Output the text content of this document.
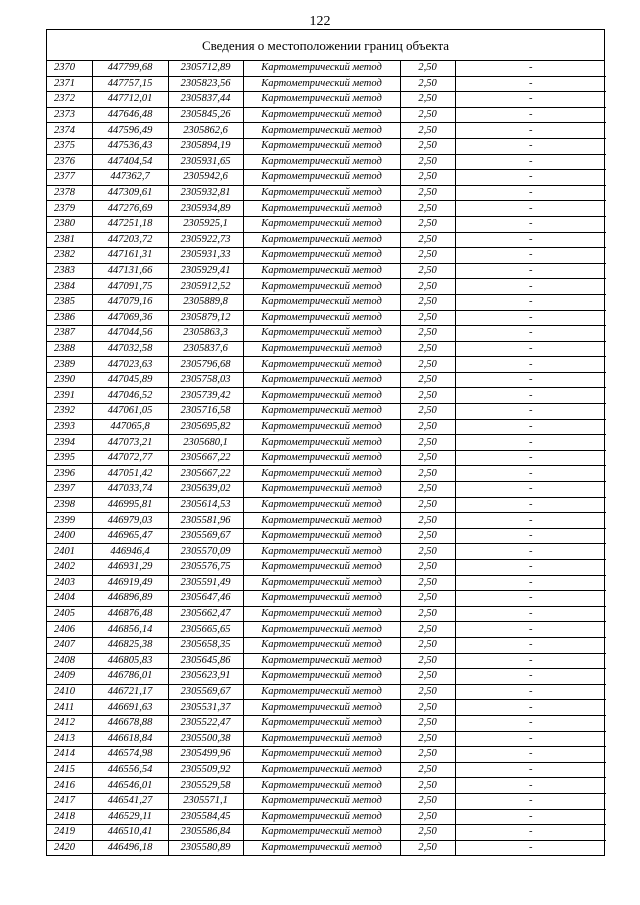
122
Сведения о местоположении границ объекта
2370	447799,68	2305712,89	Картометрический метод	2,50	-
2371	447757,15	2305823,56	Картометрический метод	2,50	-
2372	447712,01	2305837,44	Картометрический метод	2,50	-
2373	447646,48	2305845,26	Картометрический метод	2,50	-
2374	447596,49	2305862,6	Картометрический метод	2,50	-
2375	447536,43	2305894,19	Картометрический метод	2,50	-
2376	447404,54	2305931,65	Картометрический метод	2,50	-
2377	447362,7	2305942,6	Картометрический метод	2,50	-
2378	447309,61	2305932,81	Картометрический метод	2,50	-
2379	447276,69	2305934,89	Картометрический метод	2,50	-
2380	447251,18	2305925,1	Картометрический метод	2,50	-
2381	447203,72	2305922,73	Картометрический метод	2,50	-
2382	447161,31	2305931,33	Картометрический метод	2,50	-
2383	447131,66	2305929,41	Картометрический метод	2,50	-
2384	447091,75	2305912,52	Картометрический метод	2,50	-
2385	447079,16	2305889,8	Картометрический метод	2,50	-
2386	447069,36	2305879,12	Картометрический метод	2,50	-
2387	447044,56	2305863,3	Картометрический метод	2,50	-
2388	447032,58	2305837,6	Картометрический метод	2,50	-
2389	447023,63	2305796,68	Картометрический метод	2,50	-
2390	447045,89	2305758,03	Картометрический метод	2,50	-
2391	447046,52	2305739,42	Картометрический метод	2,50	-
2392	447061,05	2305716,58	Картометрический метод	2,50	-
2393	447065,8	2305695,82	Картометрический метод	2,50	-
2394	447073,21	2305680,1	Картометрический метод	2,50	-
2395	447072,77	2305667,22	Картометрический метод	2,50	-
2396	447051,42	2305667,22	Картометрический метод	2,50	-
2397	447033,74	2305639,02	Картометрический метод	2,50	-
2398	446995,81	2305614,53	Картометрический метод	2,50	-
2399	446979,03	2305581,96	Картометрический метод	2,50	-
2400	446965,47	2305569,67	Картометрический метод	2,50	-
2401	446946,4	2305570,09	Картометрический метод	2,50	-
2402	446931,29	2305576,75	Картометрический метод	2,50	-
2403	446919,49	2305591,49	Картометрический метод	2,50	-
2404	446896,89	2305647,46	Картометрический метод	2,50	-
2405	446876,48	2305662,47	Картометрический метод	2,50	-
2406	446856,14	2305665,65	Картометрический метод	2,50	-
2407	446825,38	2305658,35	Картометрический метод	2,50	-
2408	446805,83	2305645,86	Картометрический метод	2,50	-
2409	446786,01	2305623,91	Картометрический метод	2,50	-
2410	446721,17	2305569,67	Картометрический метод	2,50	-
2411	446691,63	2305531,37	Картометрический метод	2,50	-
2412	446678,88	2305522,47	Картометрический метод	2,50	-
2413	446618,84	2305500,38	Картометрический метод	2,50	-
2414	446574,98	2305499,96	Картометрический метод	2,50	-
2415	446556,54	2305509,92	Картометрический метод	2,50	-
2416	446546,01	2305529,58	Картометрический метод	2,50	-
2417	446541,27	2305571,1	Картометрический метод	2,50	-
2418	446529,11	2305584,45	Картометрический метод	2,50	-
2419	446510,41	2305586,84	Картометрический метод	2,50	-
2420	446496,18	2305580,89	Картометрический метод	2,50	-
